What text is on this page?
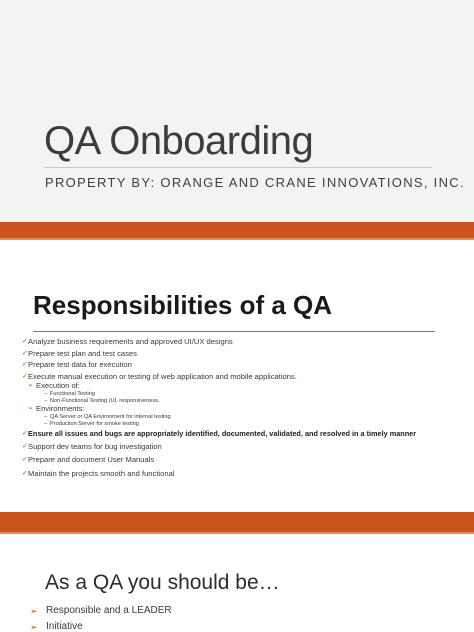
QA Onboarding
PROPERTY BY: ORANGE AND CRANE INNOVATIONS, INC.
Responsibilities of a QA
✓ Analyze business requirements and approved UI/UX designs
✓ Prepare test plan and test cases
✓ Prepare test data for execution
✓ Execute manual execution or testing of web application and mobile applications.
➢ Execution of:
– Functional Testing
– Non-Functional Testing (UI, responsiveness,
➢ Environments:
– QA Server or QA Environment for internal testing
– Production Server for smoke testing
✓ Ensure all issues and bugs are appropriately identified, documented, validated, and resolved in a timely manner
✓ Support dev teams for bug investigation
✓ Prepare and document User Manuals
✓ Maintain the projects smooth and functional
As a QA you should be…
➢ Responsible and a LEADER
➢ Initiative
